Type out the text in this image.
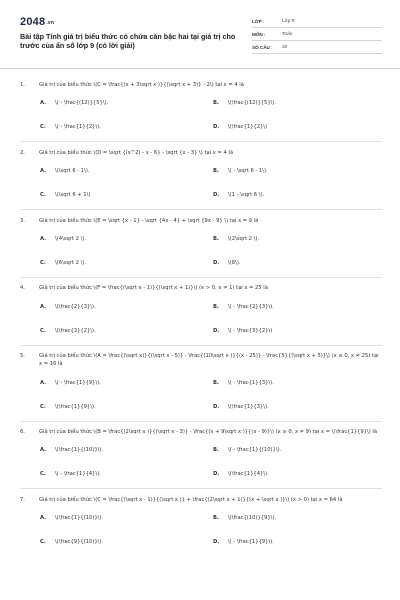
2048.vn
Bài tập Tính giá trị biểu thức có chứa căn bậc hai tại giá trị cho trước của ẩn số lớp 9 (có lời giải)
LỚP :	Lớp 9
MÔN :	Toán
SỐ CÂU :	20
1.	Giá trị của biểu thức \(C = \frac{(x + 3\sqrt x )}{(\sqrt x + 3)} - 2\) tại x = 4 là
A.	\( - \frac{(12)}{5}\).	B.	\(\frac{(12)}{5}\).
C.	\( - \frac{1}{2}\).	D.	\(\frac{1}{2}\)
2.	Giá trị của biểu thức \(D = \sqrt {(x^2) - x - 6} - \sqrt {x - 3} \) tại x = 4 là
A.	\(\sqrt 6 - 1\).	B.	\( - \sqrt 6 - 1\).
C.	\(\sqrt 6 + 1\)	D.	\(1 - \sqrt 6 \).
3.	Giá trị của biểu thức \(E = \sqrt {x - 1} - \sqrt {4x - 4} + \sqrt {9x - 9} \) tại x = 9 là
A.	\(4\sqrt 2 \).	B.	\(2\sqrt 2 \).
C.	\(6\sqrt 2 \).	D.	\(8\).
4.	Giá trị của biểu thức \(F = \frac{(\sqrt x - 1)}{(\sqrt x + 1)}\) (x > 0, x ≠ 1) tại x = 25 là
A.	\(\frac{2}{3}\).	B.	\( - \frac{2}{3}\).
C.	\(\frac{3}{2}\).	D.	\( - \frac{3}{2}\)
5.	Giá trị của biểu thức \(A = \frac{(\sqrt x)}{(\sqrt x - 5)} - \frac{(10\sqrt x )}{(x - 25)} - \frac{5}{(\sqrt x + 5)}\) (x ≥ 0, x ≠ 25) tại x = 16 là
A.	\( - \frac{1}{9}\).	B.	\( - \frac{1}{3}\).
C.	\(\frac{1}{9}\).	D.	\(\frac{1}{3}\).
6.	Giá trị của biểu thức \(B = \frac{(2\sqrt x )}{(\sqrt x - 3)} - \frac{(x + 9\sqrt x )}{(x - 9)}\) (x ≥ 0, x ≠ 9) tại x = \(\frac{1}{9}\) là
A.	\(\frac{1}{(10)}\).	B.	\( - \frac{1}{(10)}\).
C.	\( - \frac{1}{4}\).	D.	\(\frac{1}{4}\).
7.	Giá trị của biểu thức \(C = \frac{(\sqrt x - 1)}{(\sqrt x )} + \frac{(2\sqrt x + 1)}{(x + \sqrt x )}\) (x > 0) tại x = 64 là
A.	\(\frac{1}{(10)}\).	B.	\(\frac{(10)}{9}\).
C.	\(\frac{9}{(10)}\).	D.	\( - \frac{1}{9}\).
